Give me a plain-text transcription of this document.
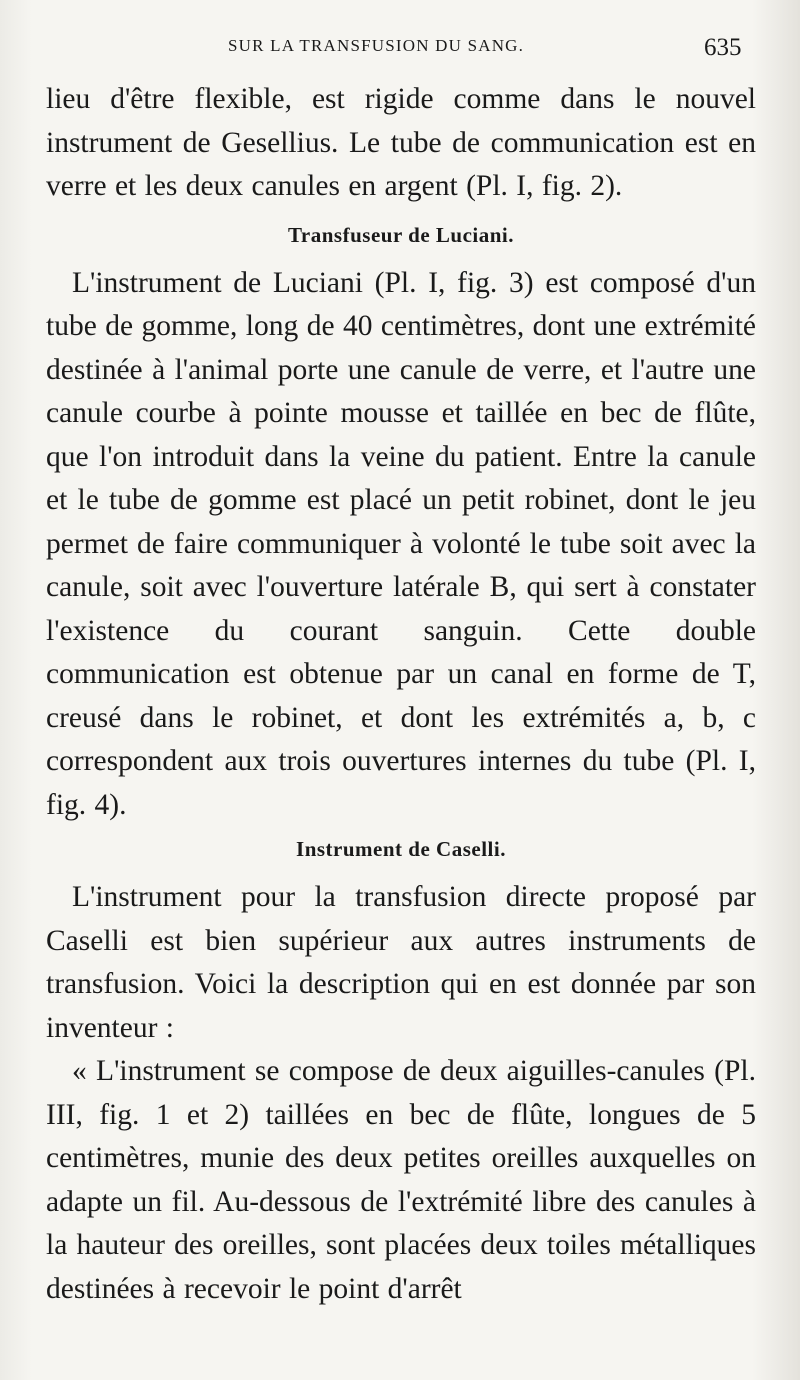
SUR LA TRANSFUSION DU SANG.	635

lieu d'être flexible, est rigide comme dans le nouvel instrument de Gesellius. Le tube de communication est en verre et les deux canules en argent (Pl. I, fig. 2).

Transfuseur de Luciani.

L'instrument de Luciani (Pl. I, fig. 3) est composé d'un tube de gomme, long de 40 centimètres, dont une extrémité destinée à l'animal porte une canule de verre, et l'autre une canule courbe à pointe mousse et taillée en bec de flûte, que l'on introduit dans la veine du patient. Entre la canule et le tube de gomme est placé un petit robinet, dont le jeu permet de faire communiquer à volonté le tube soit avec la canule, soit avec l'ouverture latérale B, qui sert à constater l'existence du courant sanguin. Cette double communication est obtenue par un canal en forme de T, creusé dans le robinet, et dont les extrémités a, b, c correspondent aux trois ouvertures internes du tube (Pl. I, fig. 4).

Instrument de Caselli.

L'instrument pour la transfusion directe proposé par Caselli est bien supérieur aux autres instruments de transfusion. Voici la description qui en est donnée par son inventeur :

« L'instrument se compose de deux aiguilles-canules (Pl. III, fig. 1 et 2) taillées en bec de flûte, longues de 5 centimètres, munie des deux petites oreilles auxquelles on adapte un fil. Au-dessous de l'extrémité libre des canules à la hauteur des oreilles, sont placées deux toiles métalliques destinées à recevoir le point d'arrêt
